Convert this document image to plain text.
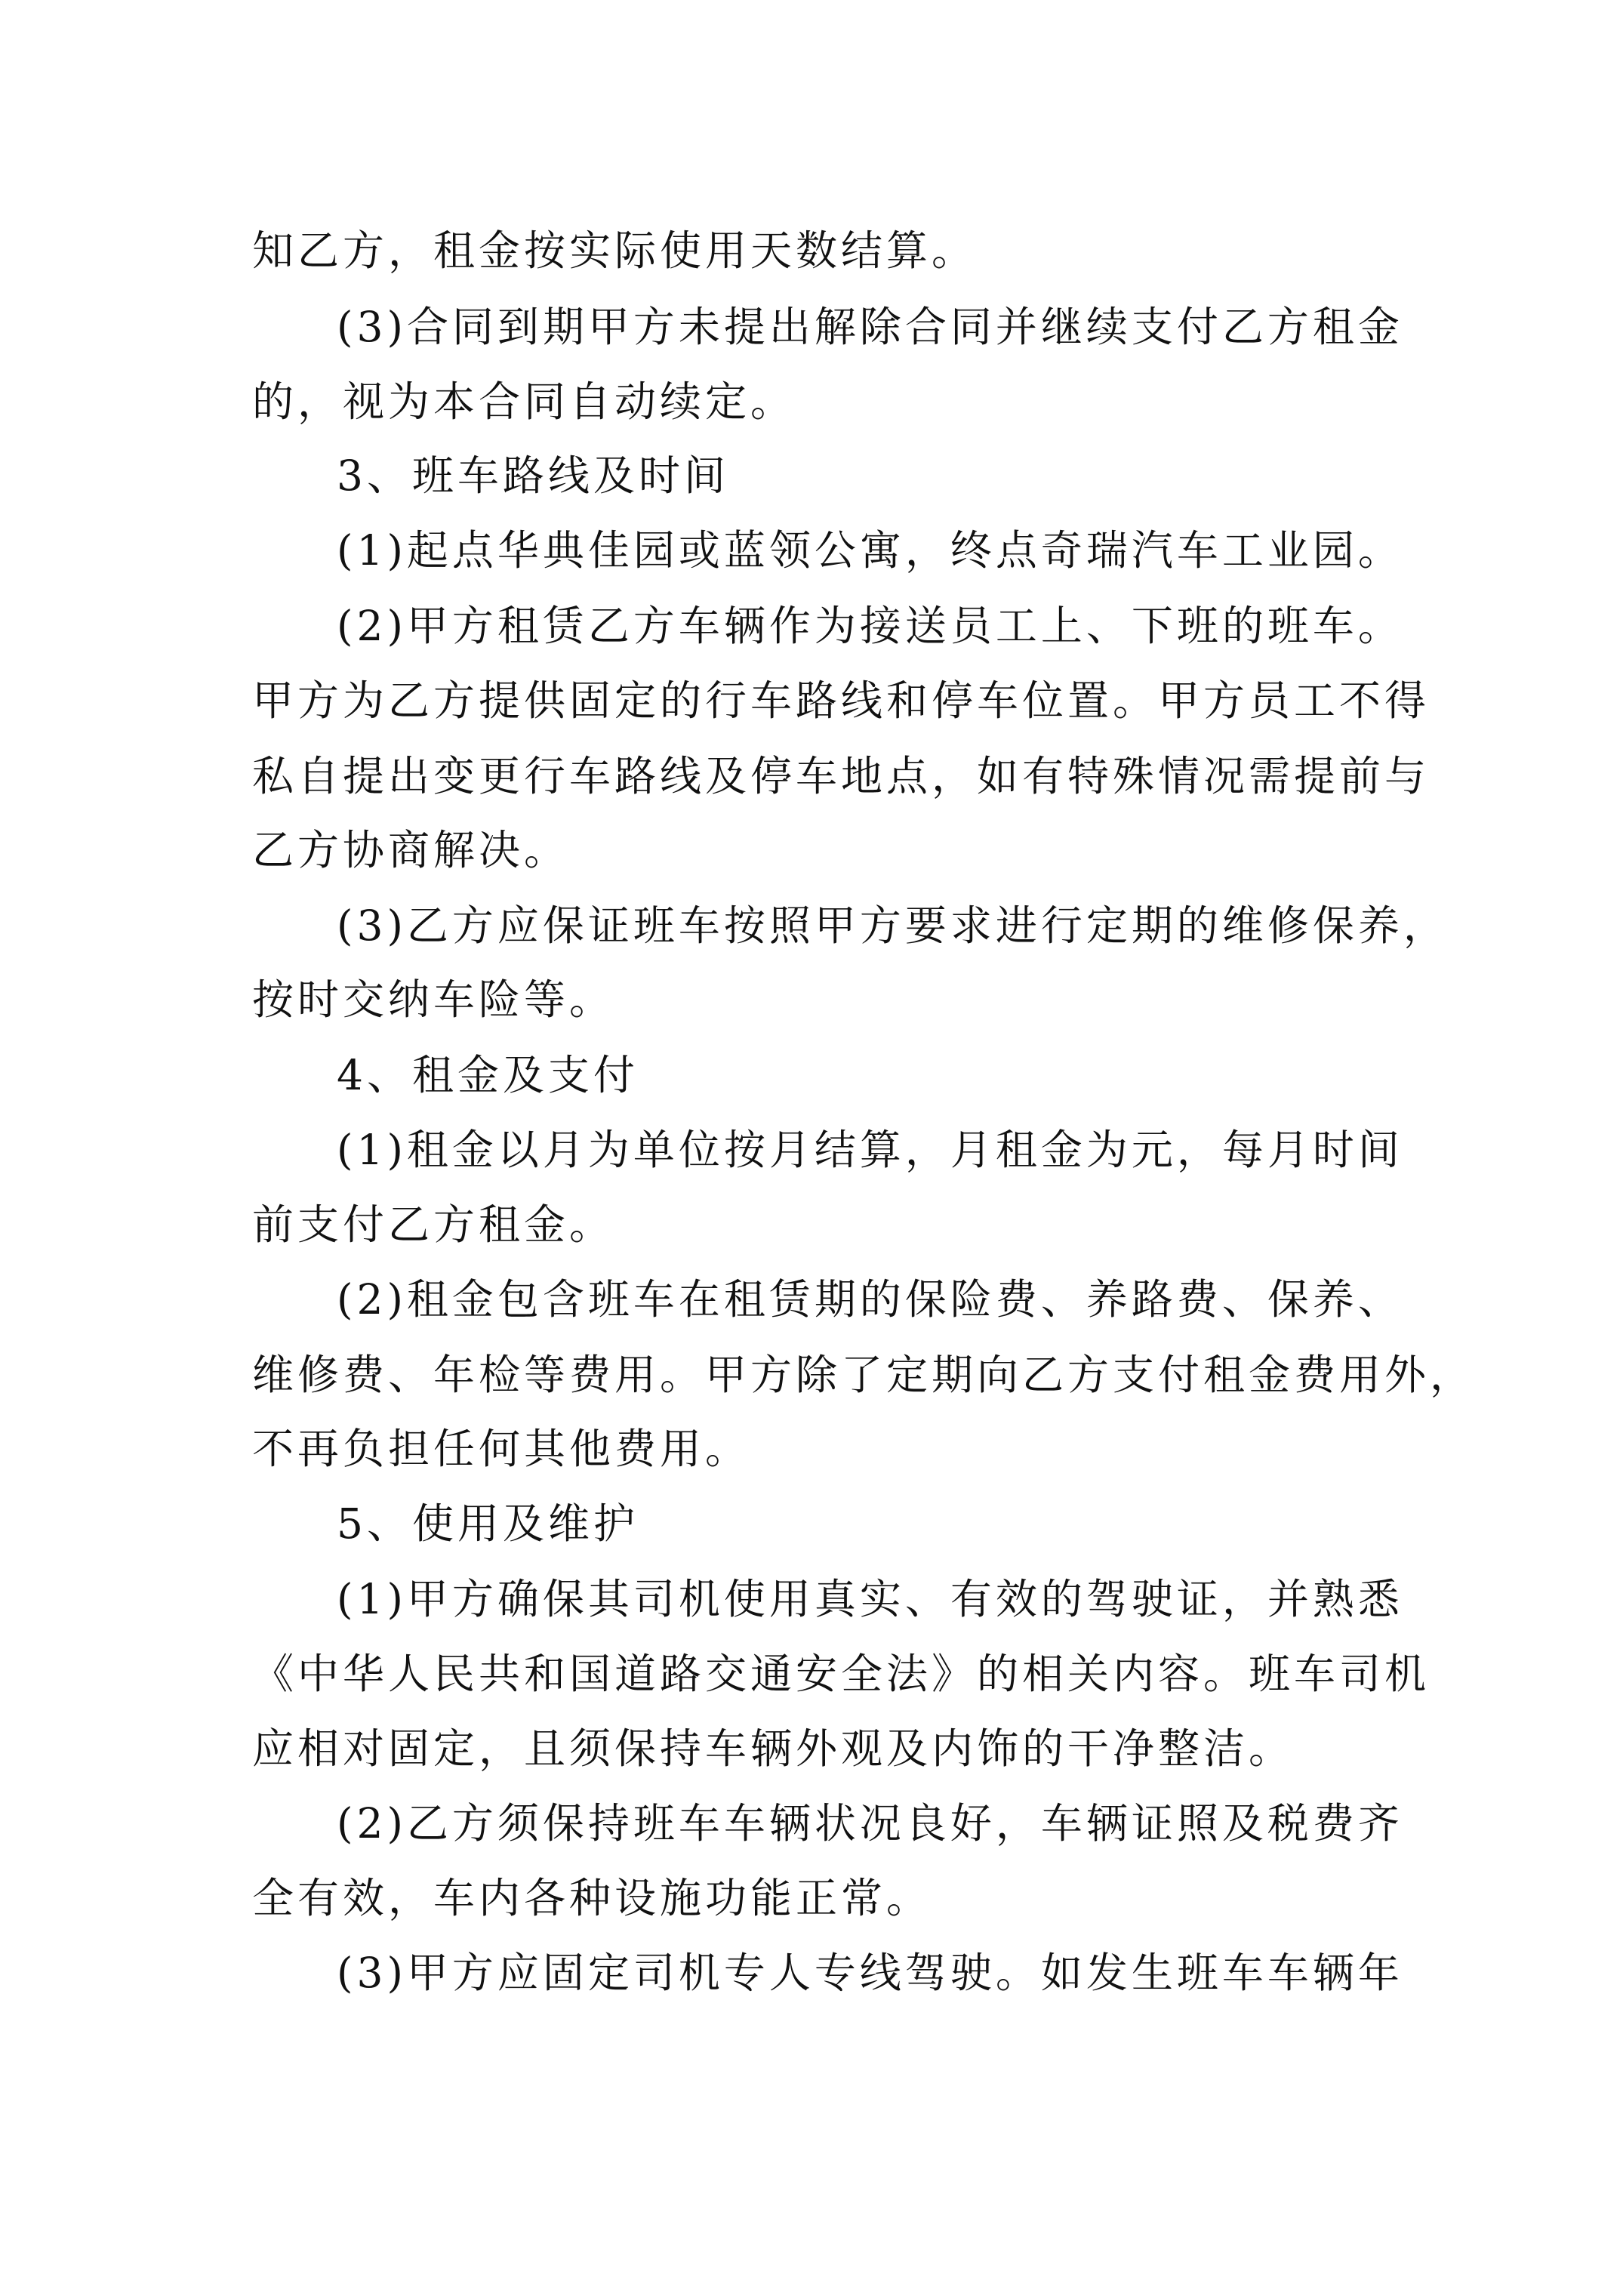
知乙方，租金按实际使用天数结算。
(3)合同到期甲方未提出解除合同并继续支付乙方租金
的，视为本合同自动续定。
3、班车路线及时间
(1)起点华典佳园或蓝领公寓，终点奇瑞汽车工业园。
(2)甲方租赁乙方车辆作为接送员工上、下班的班车。
甲方为乙方提供固定的行车路线和停车位置。甲方员工不得
私自提出变更行车路线及停车地点，如有特殊情况需提前与
乙方协商解决。
(3)乙方应保证班车按照甲方要求进行定期的维修保养，
按时交纳车险等。
4、租金及支付
(1)租金以月为单位按月结算，月租金为元，每月时间
前支付乙方租金。
(2)租金包含班车在租赁期的保险费、养路费、保养、
维修费、年检等费用。甲方除了定期向乙方支付租金费用外，
不再负担任何其他费用。
5、使用及维护
(1)甲方确保其司机使用真实、有效的驾驶证，并熟悉
《中华人民共和国道路交通安全法》的相关内容。班车司机
应相对固定，且须保持车辆外观及内饰的干净整洁。
(2)乙方须保持班车车辆状况良好，车辆证照及税费齐
全有效，车内各种设施功能正常。
(3)甲方应固定司机专人专线驾驶。如发生班车车辆年
